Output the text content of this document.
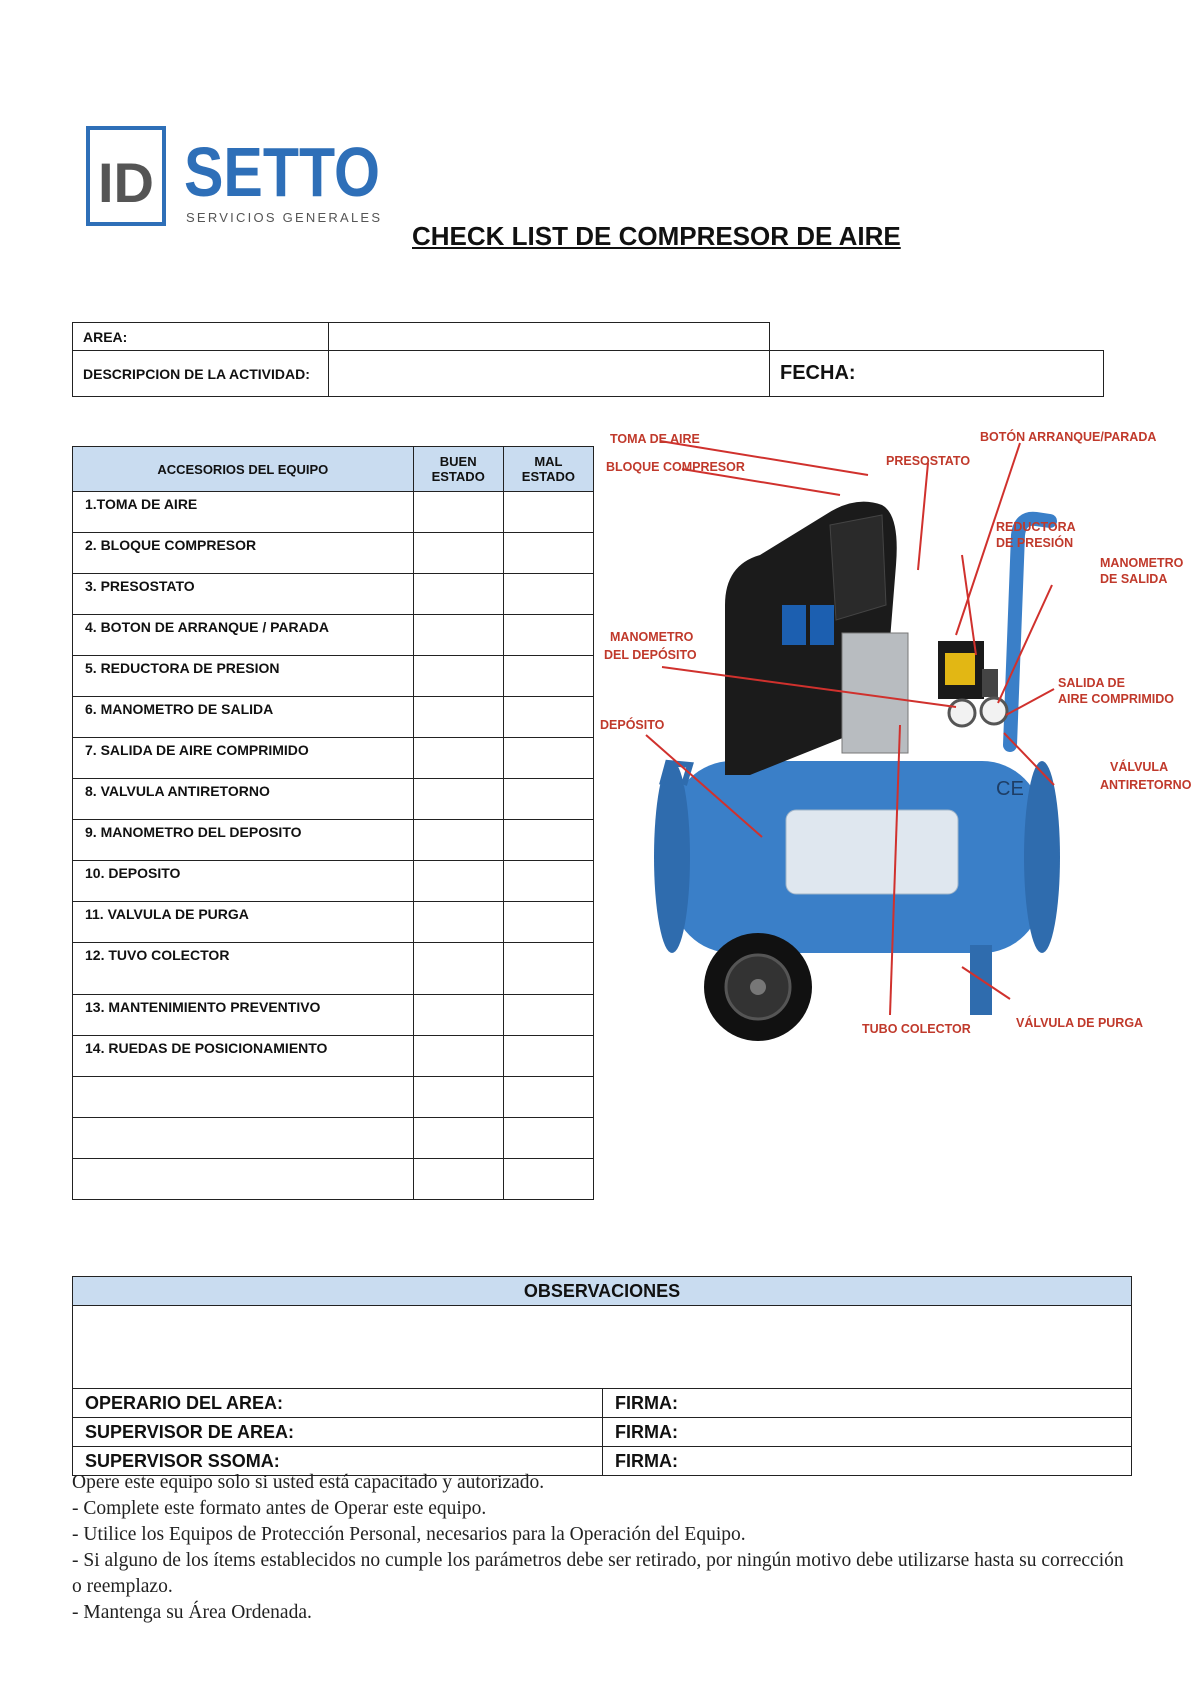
ID SETTO
SERVICIOS GENERALES
CHECK LIST DE COMPRESOR DE AIRE
AREA:		
DESCRIPCION DE LA ACTIVIDAD:		FECHA:
ACCESORIOS DEL EQUIPO	BUEN ESTADO	MAL ESTADO
1.TOMA DE AIRE		
2. BLOQUE COMPRESOR		
3. PRESOSTATO		
4. BOTON DE ARRANQUE / PARADA		
5. REDUCTORA DE PRESION		
6. MANOMETRO DE SALIDA		
7. SALIDA DE AIRE COMPRIMIDO		
8. VALVULA ANTIRETORNO		
9. MANOMETRO DEL DEPOSITO		
10. DEPOSITO		
11. VALVULA DE PURGA		
12. TUVO COLECTOR		
13. MANTENIMIENTO PREVENTIVO		
14. RUEDAS DE POSICIONAMIENTO		

CE
TOMA DE AIRE
BLOQUE COMPRESOR	PRESOSTATO
BOTÓN ARRANQUE/PARADA
REDUCTORA
DE PRESIÓN
MANOMETRO
DE SALIDA
MANOMETRO
DEL DEPÓSITO
SALIDA DE
AIRE COMPRIMIDO
DEPÓSITO
VÁLVULA
ANTIRETORNO
TUBO COLECTOR	VÁLVULA DE PURGA
OBSERVACIONES	

OPERARIO DEL AREA:	FIRMA:
SUPERVISOR DE AREA:	FIRMA:
SUPERVISOR SSOMA:	FIRMA:
Opere este equipo solo si usted está capacitado y autorizado.
- Complete este formato antes de Operar este equipo.
- Utilice los Equipos de Protección Personal, necesarios para la Operación del Equipo.
- Si alguno de los ítems establecidos no cumple los parámetros debe ser retirado, por ningún motivo debe utilizarse hasta su corrección o reemplazo.
- Mantenga su Área Ordenada.
